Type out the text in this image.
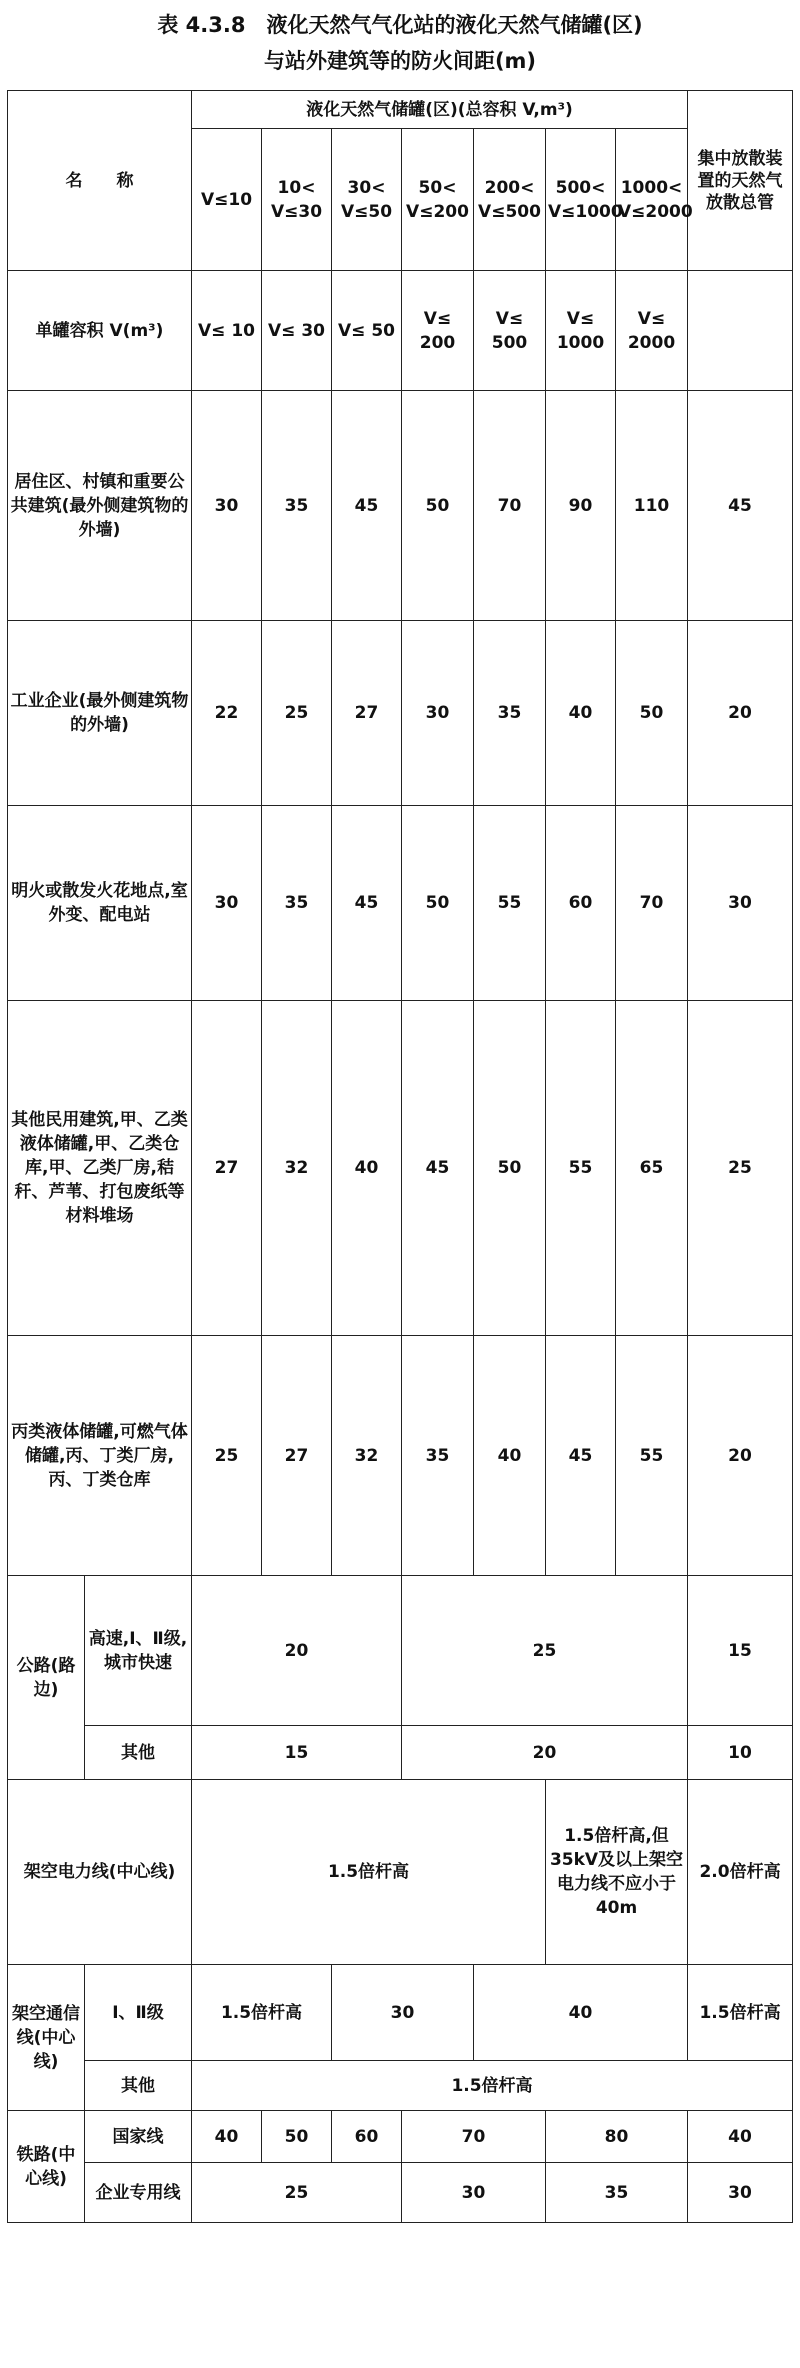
表 4.3.8　液化天然气气化站的液化天然气储罐(区)
与站外建筑等的防火间距(m)
名　　称		液化天然气储罐(区)(总容积 V,m³)							集中放散装置的天然气放散总管
		V≤10	10< V≤30	30< V≤50	50< V≤200	200< V≤500	500< V≤1000	1000< V≤2000	
单罐容积 V(m³)		V≤ 10	V≤ 30	V≤ 50	V≤ 200	V≤ 500	V≤ 1000	V≤ 2000	
居住区、村镇和重要公共建筑(最外侧建筑物的外墙)		30	35	45	50	70	90	110	45
工业企业(最外侧建筑物的外墙)		22	25	27	30	35	40	50	20
明火或散发火花地点,室外变、配电站		30	35	45	50	55	60	70	30
其他民用建筑,甲、乙类液体储罐,甲、乙类仓库,甲、乙类厂房,秸秆、芦苇、打包废纸等材料堆场		27	32	40	45	50	55	65	25
丙类液体储罐,可燃气体储罐,丙、丁类厂房,丙、丁类仓库		25	27	32	35	40	45	55	20
公路(路边)	高速,Ⅰ、Ⅱ级,城市快速	20			25				15
	其他	15			20				10
架空电力线(中心线)		1.5倍杆高					1.5倍杆高,但35kV及以上架空电力线不应小于40m		2.0倍杆高
架空通信线(中心线)	Ⅰ、Ⅱ级	1.5倍杆高		30		40			1.5倍杆高
	其他	1.5倍杆高							
铁路(中心线)	国家线	40	50	60	70		80		40
	企业专用线	25			30		35		30
